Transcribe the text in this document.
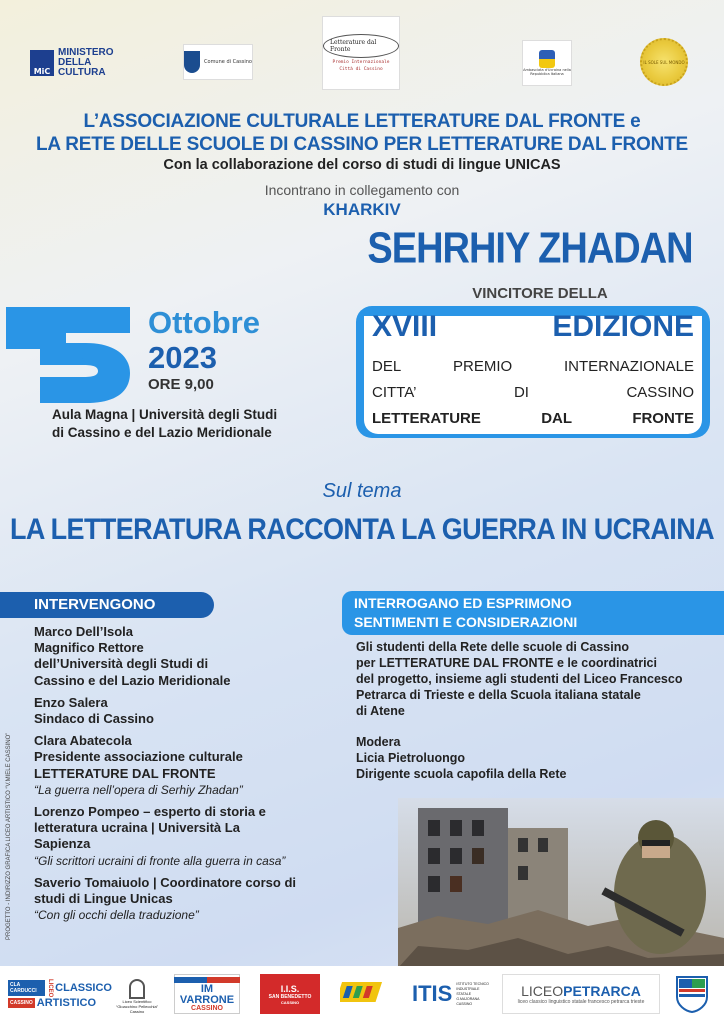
MiC
MINISTERO
DELLA
CULTURA
Comune di Cassino
Letterature dal Fronte
Premio Internazionale
Città di Cassino	Ambasciata d'Ucraina nella Repubblica Italiana
IL SOLE SUL MONDO
L’ASSOCIAZIONE CULTURALE LETTERATURE DAL FRONTE e
LA RETE DELLE SCUOLE DI CASSINO PER LETTERATURE DAL FRONTE
Con la collaborazione del corso di studi di lingue UNICAS
Incontrano in collegamento con
KHARKIV
SEHRHIY ZHADAN
VINCITORE DELLA
5
Ottobre
2023
ORE 9,00
Aula Magna | Università degli Studi
di Cassino e del Lazio Meridionale
XVIII	EDIZIONE
DEL	PREMIO	INTERNAZIONALE
CITTA’	DI	CASSINO
LETTERATURE	DAL	FRONTE
Sul tema
LA LETTERATURA RACCONTA LA GUERRA IN UCRAINA
INTERVENGONO	INTERROGANO ED ESPRIMONO
SENTIMENTI E CONSIDERAZIONI
Marco Dell’Isola
Magnifico Rettore
dell’Università degli Studi di
Cassino e del Lazio Meridionale
Enzo Salera
Sindaco di Cassino
Clara Abatecola
Presidente associazione culturale
LETTERATURE DAL FRONTE
“La guerra nell’opera di Serhiy Zhadan”
Lorenzo Pompeo – esperto di storia e
letteratura ucraina | Università La
Sapienza
“Gli scrittori ucraini di fronte alla guerra in casa”
Saverio Tomaiuolo | Coordinatore corso di
studi di Lingue Unicas
“Con gli occhi della traduzione”
Gli studenti della Rete delle scuole di Cassino
per LETTERATURE DAL FRONTE e le coordinatrici
del progetto, insieme agli studenti del Liceo Francesco
Petrarca di Trieste e della Scuola italiana statale
di Atene
Modera
Licia Pietroluongo
Dirigente scuola capofila della Rete
PROGETTO - INDIRIZZO GRAFICA LICEO ARTISTICO “V.MIELE CASSINO”
CLA CARDUCCI	LICEO CLASSICO
CASSINO ARTISTICO	Liceo Scientifico
“Gioacchino Pellecchia”
Cassino
IM
VARRONE
CASSINO
I.I.S.
SAN BENEDETTO
CASSINO	ITIS ISTITUTO TECNICO INDUSTRIALE STATALE G.MAJORANA CASSINO
LICEOPETRARCA
liceo classico linguistico statale francesco petrarca trieste
